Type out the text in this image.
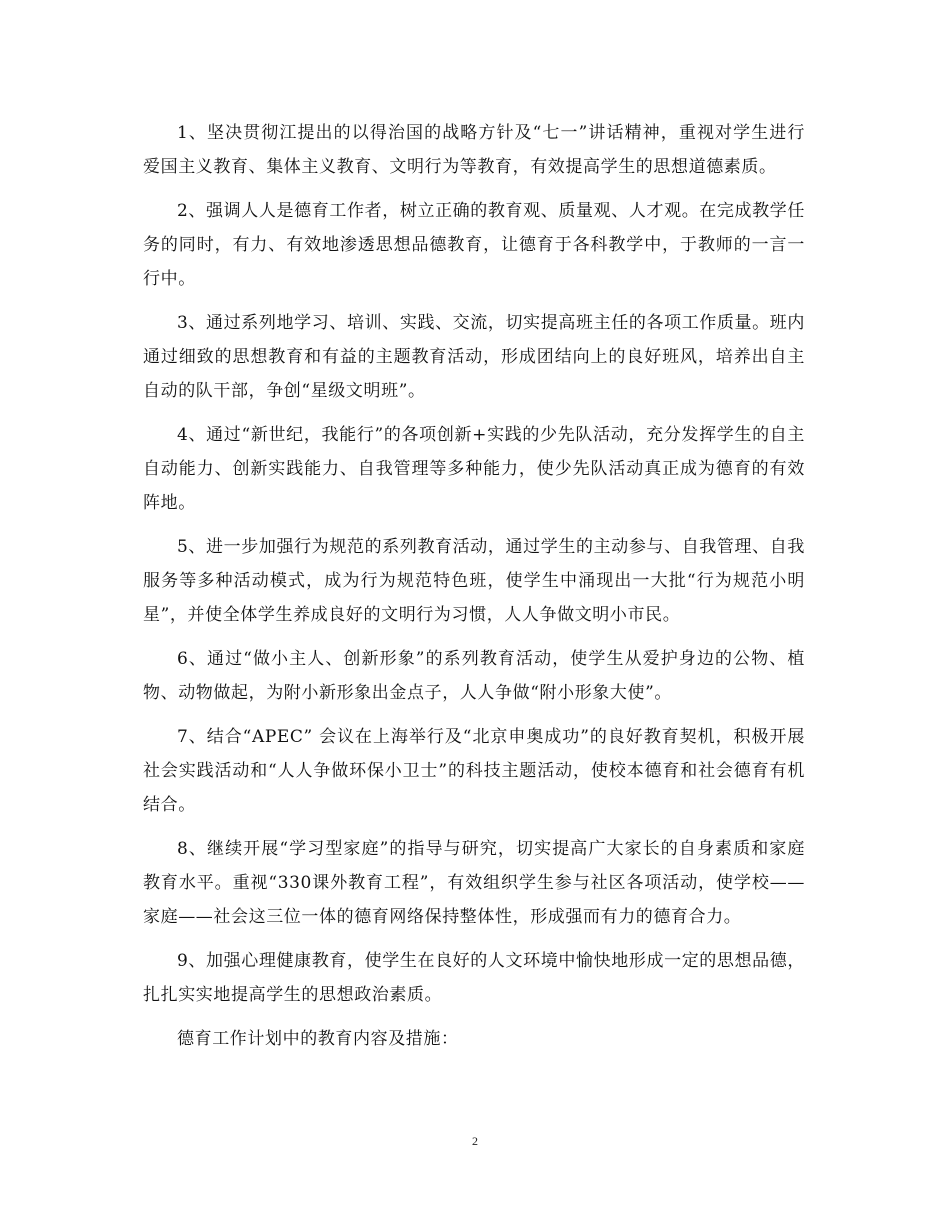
1、坚决贯彻江提出的以得治国的战略方针及“七一”讲话精神，重视对学生进行爱国主义教育、集体主义教育、文明行为等教育，有效提高学生的思想道德素质。

2、强调人人是德育工作者，树立正确的教育观、质量观、人才观。在完成教学任务的同时，有力、有效地渗透思想品德教育，让德育于各科教学中，于教师的一言一行中。

3、通过系列地学习、培训、实践、交流，切实提高班主任的各项工作质量。班内通过细致的思想教育和有益的主题教育活动，形成团结向上的良好班风，培养出自主自动的队干部，争创“星级文明班”。

4、通过“新世纪，我能行”的各项创新+实践的少先队活动，充分发挥学生的自主自动能力、创新实践能力、自我管理等多种能力，使少先队活动真正成为德育的有效阵地。

5、进一步加强行为规范的系列教育活动，通过学生的主动参与、自我管理、自我服务等多种活动模式，成为行为规范特色班，使学生中涌现出一大批“行为规范小明星”，并使全体学生养成良好的文明行为习惯，人人争做文明小市民。

6、通过“做小主人、创新形象”的系列教育活动，使学生从爱护身边的公物、植物、动物做起，为附小新形象出金点子，人人争做“附小形象大使”。

7、结合“APEC” 会议在上海举行及“北京申奥成功”的良好教育契机，积极开展社会实践活动和“人人争做环保小卫士”的科技主题活动，使校本德育和社会德育有机结合。

8、继续开展“学习型家庭”的指导与研究，切实提高广大家长的自身素质和家庭教育水平。重视“330课外教育工程”，有效组织学生参与社区各项活动，使学校——家庭——社会这三位一体的德育网络保持整体性，形成强而有力的德育合力。

9、加强心理健康教育，使学生在良好的人文环境中愉快地形成一定的思想品德，扎扎实实地提高学生的思想政治素质。

德育工作计划中的教育内容及措施：

2
